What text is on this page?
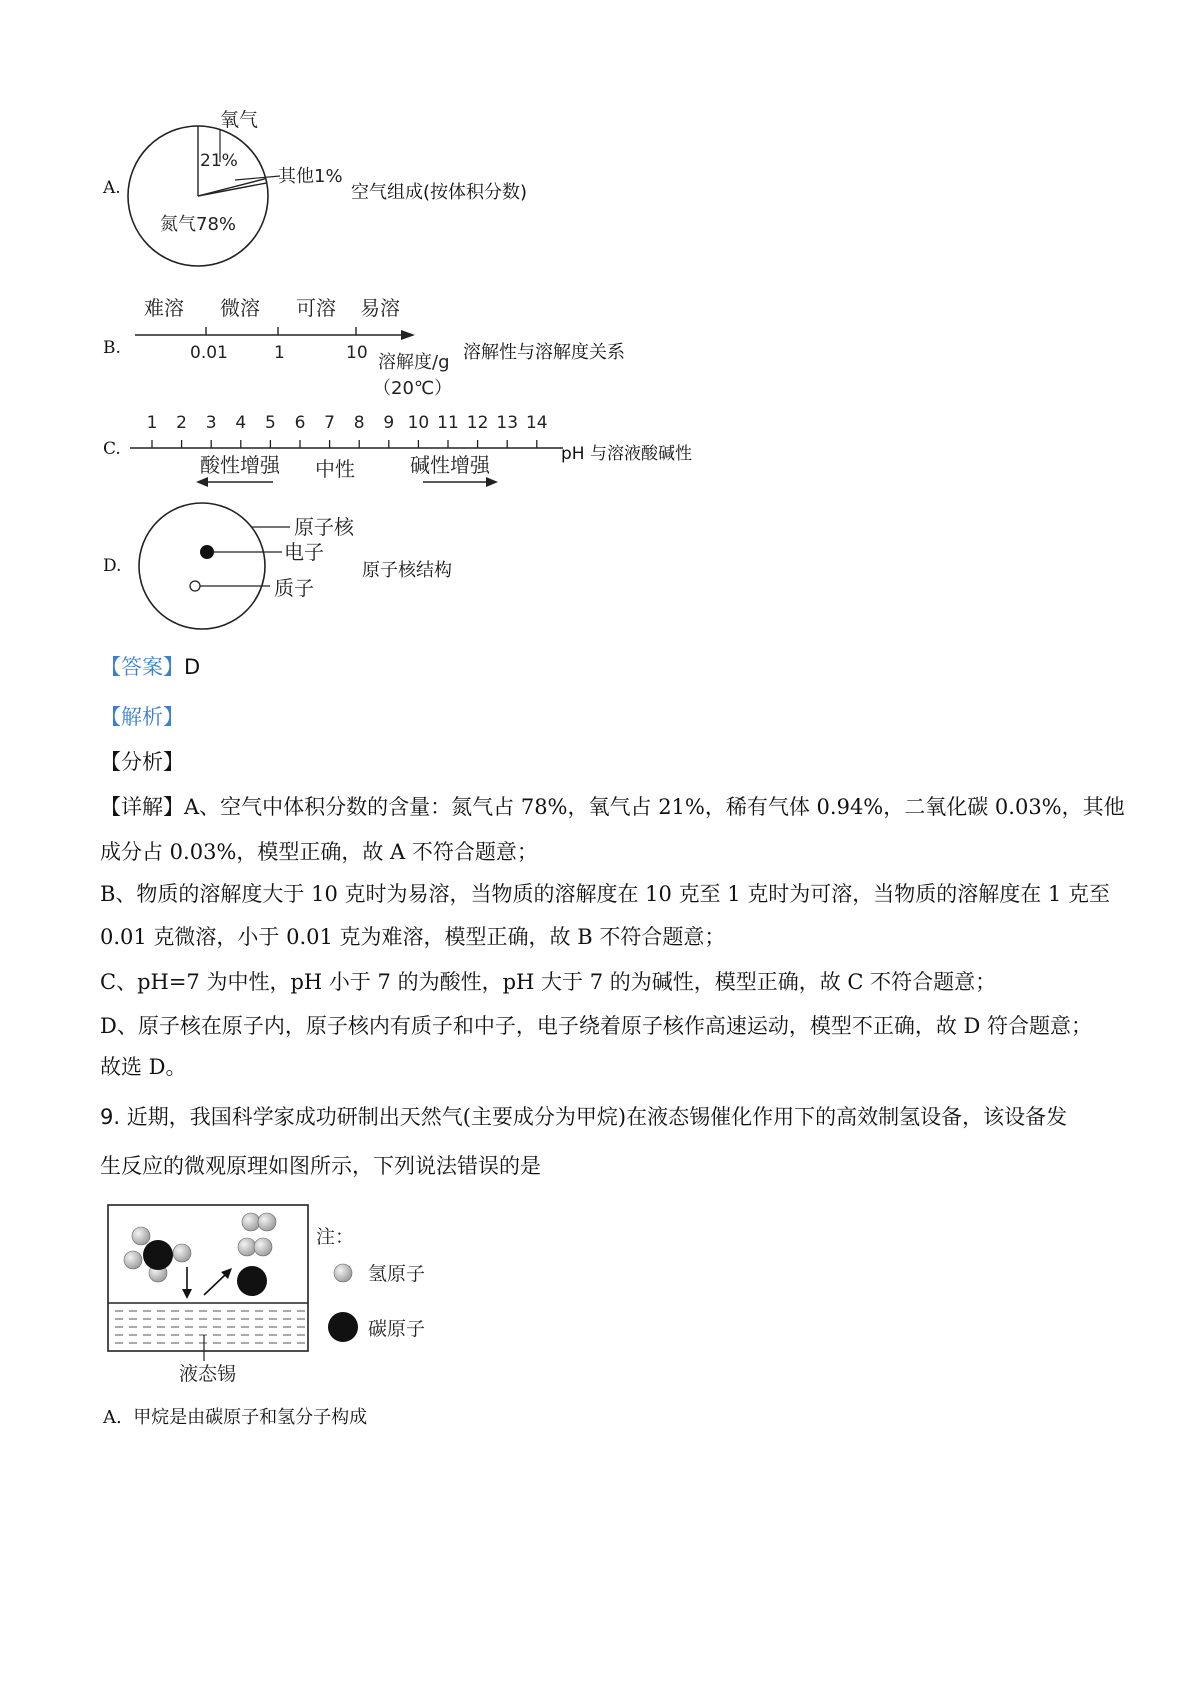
A.
氧气
21%
其他1%
氮气78%
空气组成(按体积分数)
B.
难溶 微溶 可溶 易溶
0.01	1	10 溶解度/g
（20℃）
溶解性与溶解度关系
C.
1 2 3 4 5 6 7 8 9 10 11 12 13 14
酸性增强 中性	碱性增强	pH 与溶液酸碱性
D.
原子核
电子
质子
原子核结构
【答案】D
【解析】
【分析】
【详解】A、空气中体积分数的含量：氮气占 78%，氧气占 21%，稀有气体 0.94%，二氧化碳 0.03%，其他
成分占 0.03%，模型正确，故 A 不符合题意；
B、物质的溶解度大于 10 克时为易溶，当物质的溶解度在 10 克至 1 克时为可溶，当物质的溶解度在 1 克至
0.01 克微溶，小于 0.01 克为难溶，模型正确，故 B 不符合题意；
C、pH=7 为中性，pH 小于 7 的为酸性，pH 大于 7 的为碱性，模型正确，故 C 不符合题意；
D、原子核在原子内，原子核内有质子和中子，电子绕着原子核作高速运动，模型不正确，故 D 符合题意；
故选 D。
9. 近期，我国科学家成功研制出天然气(主要成分为甲烷)在液态锡催化作用下的高效制氢设备，该设备发
生反应的微观原理如图所示，下列说法错误的是
注：
氢原子
碳原子
液态锡
A. 甲烷是由碳原子和氢分子构成
